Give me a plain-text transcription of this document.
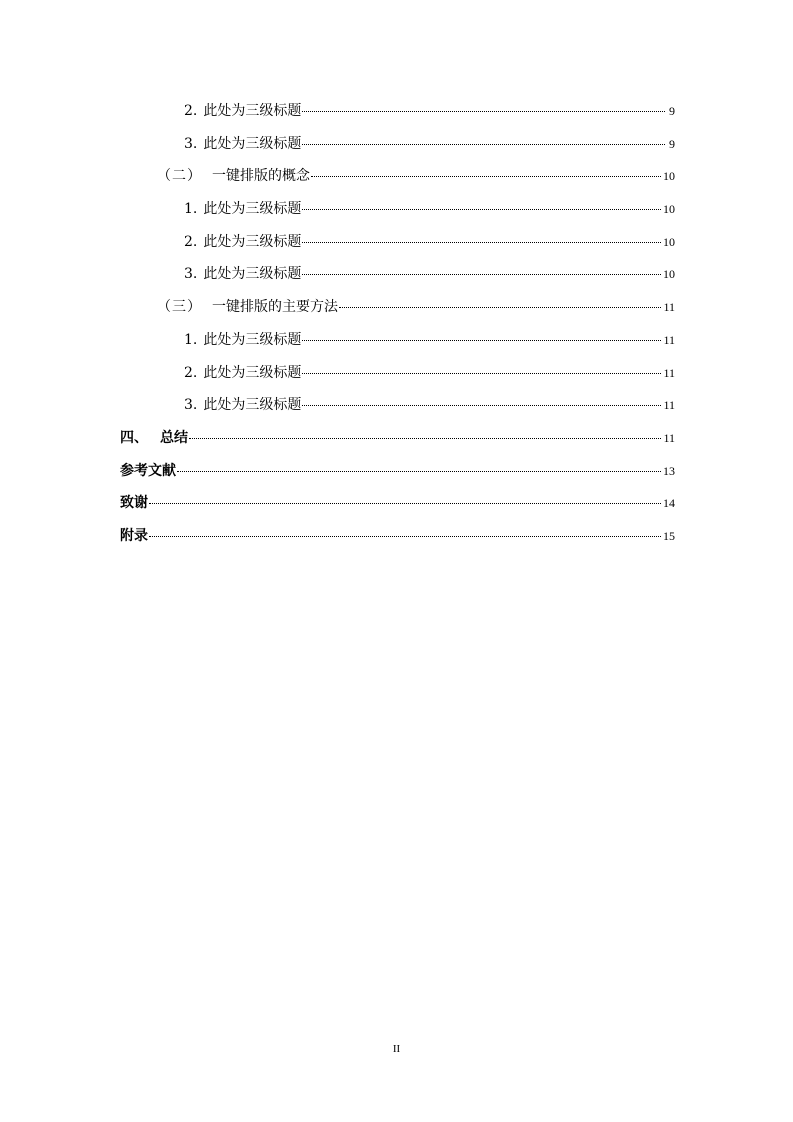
2. 此处为三级标题	9
3. 此处为三级标题	9
（二） 一键排版的概念	10
1. 此处为三级标题	10
2. 此处为三级标题	10
3. 此处为三级标题	10
（三） 一键排版的主要方法	11
1. 此处为三级标题	11
2. 此处为三级标题	11
3. 此处为三级标题	11
四、 总结	11
参考文献	13
致谢	14
附录	15
II
